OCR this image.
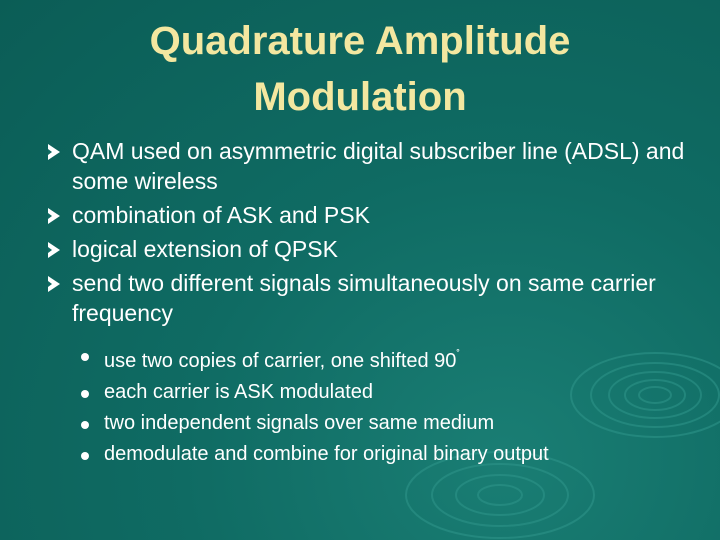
Quadrature Amplitude
Modulation
QAM used on asymmetric digital subscriber line (ADSL) and some wireless
combination of ASK and PSK
logical extension of QPSK
send two different signals simultaneously on same carrier frequency
use two copies of carrier, one shifted 90˚
each carrier is ASK modulated
two independent signals over same medium
demodulate and combine for original binary output
